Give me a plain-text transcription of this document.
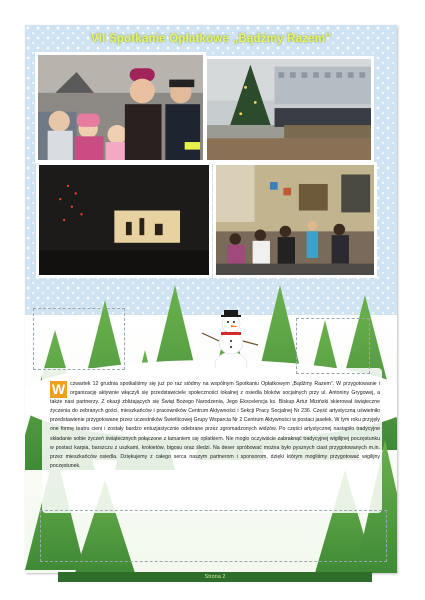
VII Spotkanie Opłatkowe „Bądźmy Razem”
W czwartek 12 grudnia spotkaliśmy się już po raz siódmy na wspólnym Spotkaniu Opłatkowym „Bądźmy Razem”. W przygotowanie i organizację aktywnie włączyli się przedstawiciele społeczności lokalnej z osiedla bloków socjalnych przy ul. Antoniny Grygowej, a także nasi partnerzy. Z okazji zbliżających się Świąt Bożego Narodzenia, Jego Ekscelencja ks. Biskup Artur Miziński skierował świąteczne życzenia do zebranych gości, mieszkańców i pracowników Centrum Aktywności i Sekcji Pracy Socjalnej Nr 236. Część artystyczną uświetniło przedstawienie przygotowane przez uczestników Świetlicowej Grupy Wsparcia Nr 2 Centrum Aktywności w postaci jasełek. W tym roku przyjęły one formę teatru cieni i zostały bardzo entuzjastycznie odebrane przez zgromadzonych widzów. Po części artystycznej nastąpiło tradycyjne składanie sobie życzeń świątecznych połączone z łamaniem się opłatkiem. Nie mogło oczywiście zabraknąć tradycyjnej wigilijnej poczęstunku w postaci karpia, barszczu z uszkami, krokietów, bigosu oraz śledzi. Na deser spróbować można było pysznych ciast przygotowanych m.in. przez mieszkańców osiedla. Dziękujemy z całego serca naszym partnerom i sponsorom, dzięki którym mogliśmy przygotować wigilijny poczęstunek.
Strona 2
